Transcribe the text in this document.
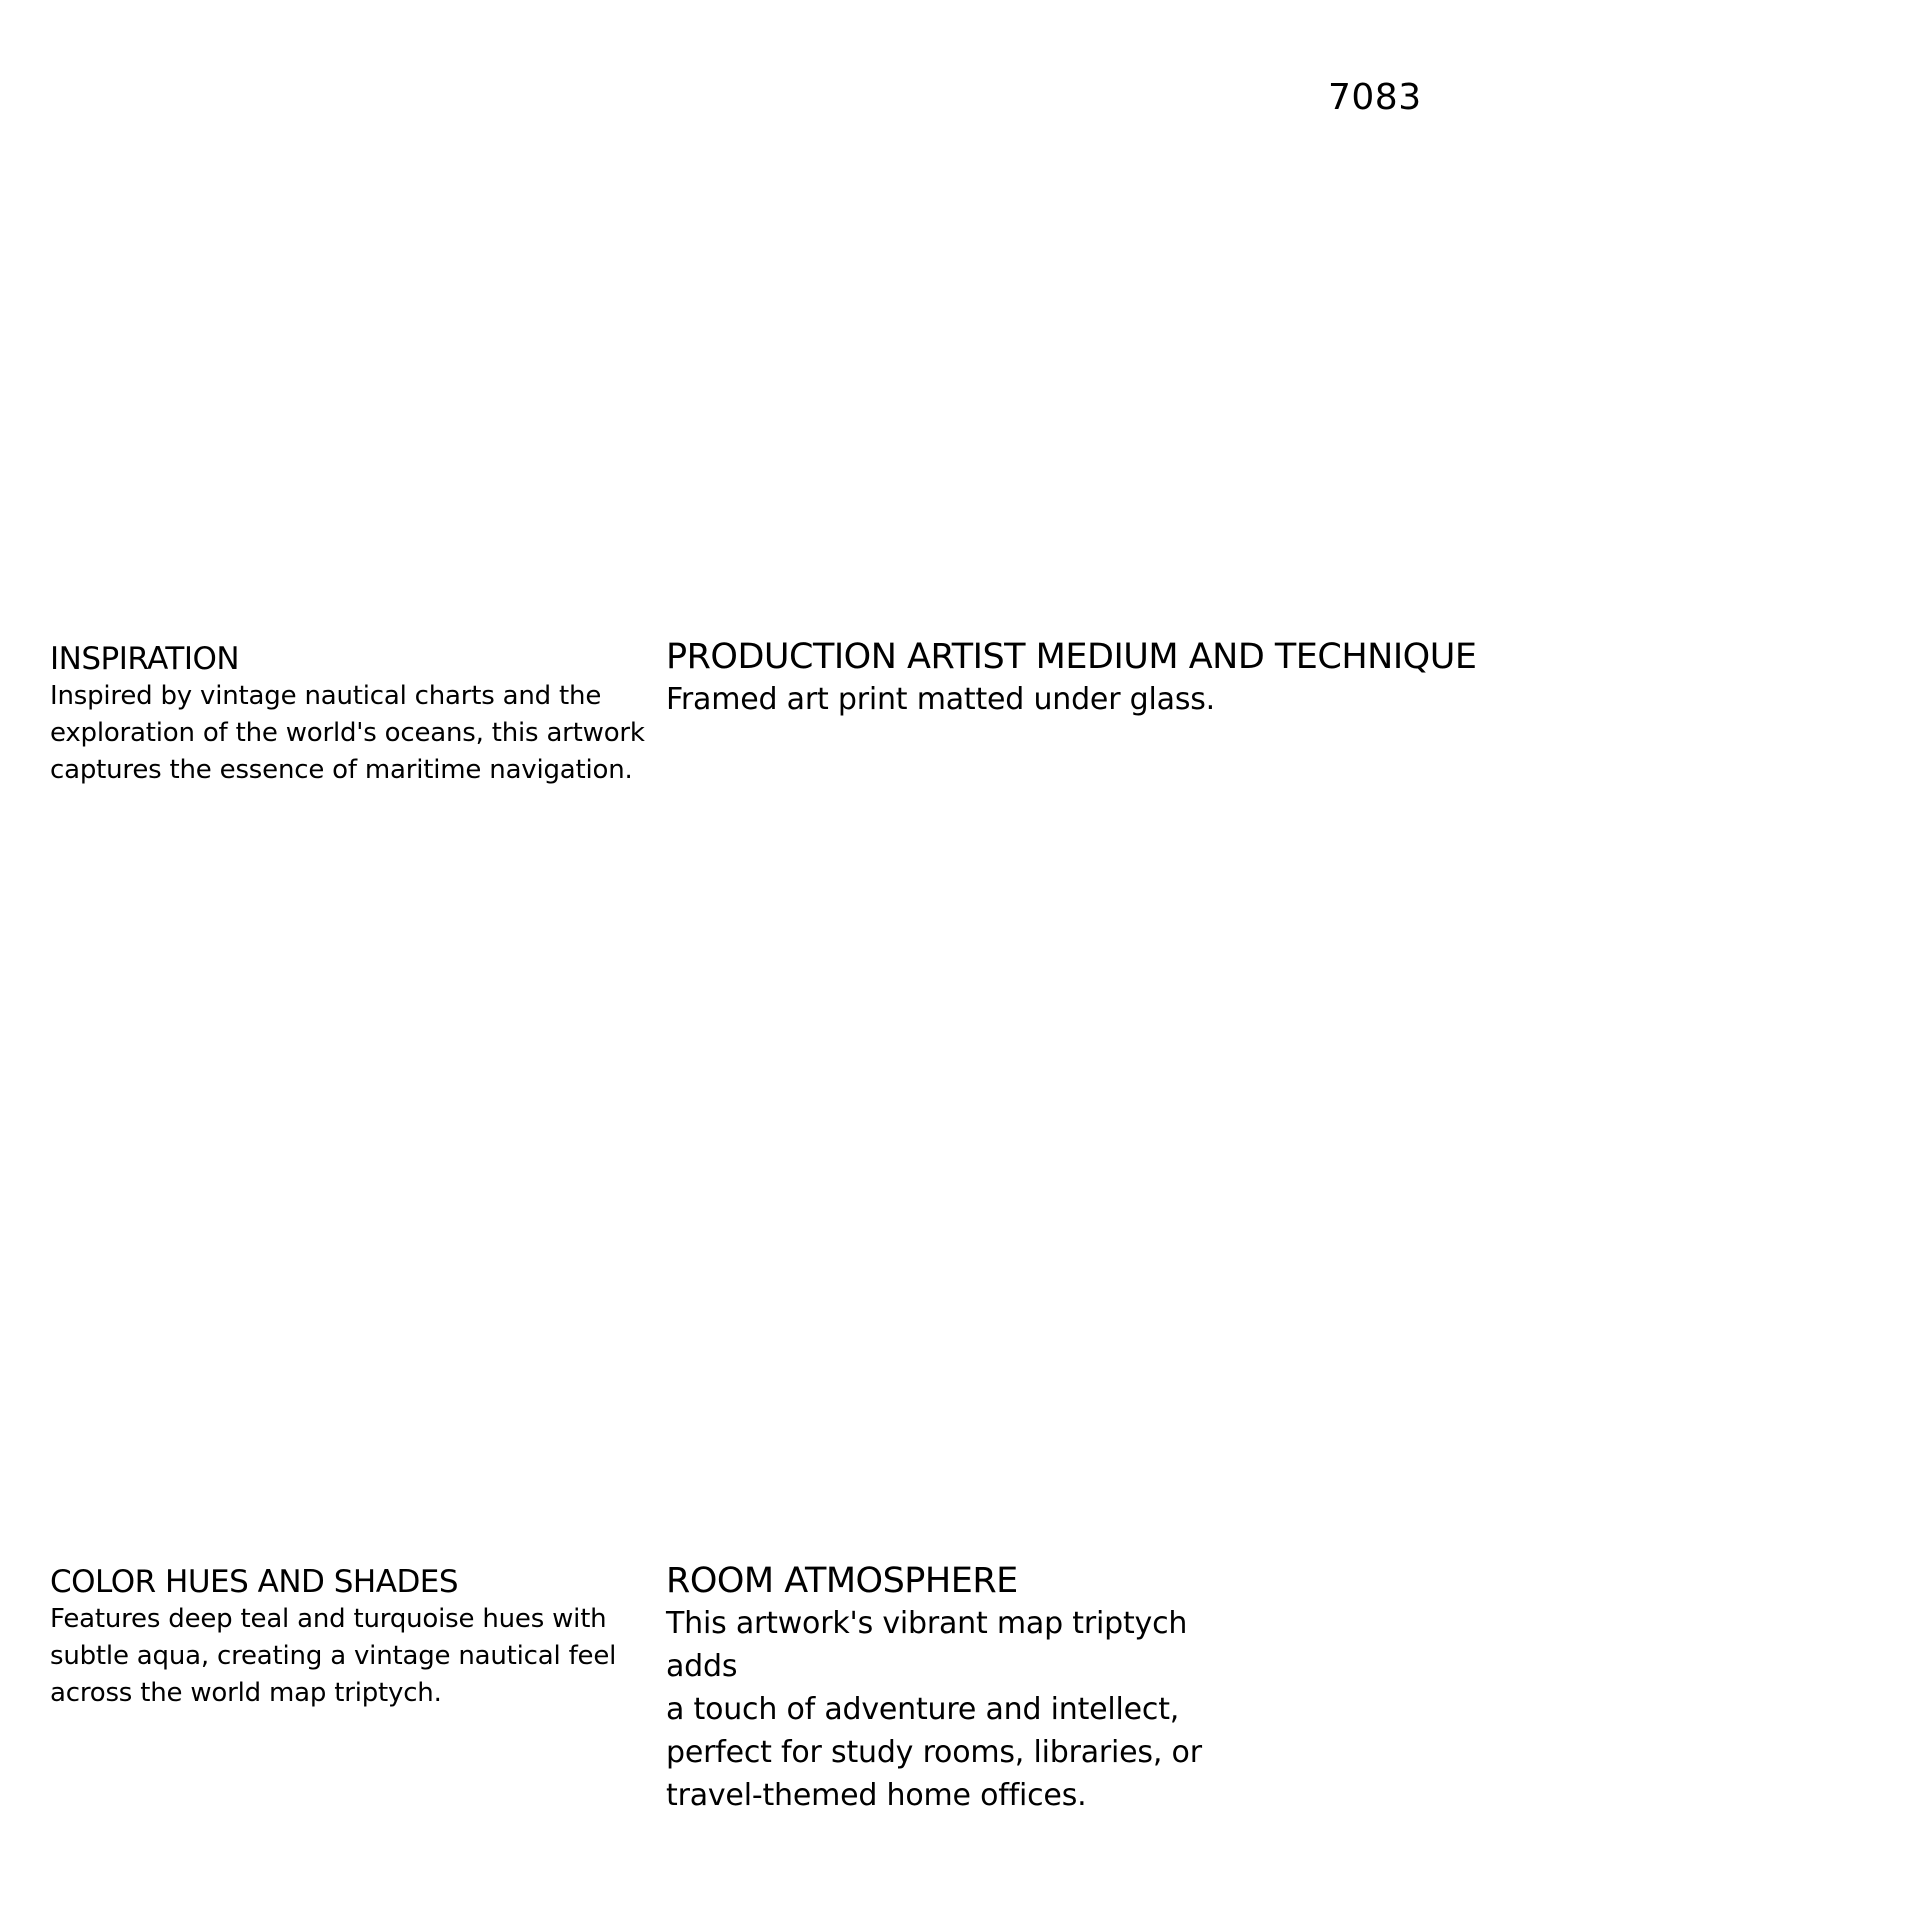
7083
INSPIRATION
Inspired by vintage nautical charts and the
exploration of the world's oceans, this artwork
captures the essence of maritime navigation.
PRODUCTION ARTIST MEDIUM AND TECHNIQUE
Framed art print matted under glass.
COLOR HUES AND SHADES
Features deep teal and turquoise hues with
subtle aqua, creating a vintage nautical feel
across the world map triptych.
ROOM ATMOSPHERE
This artwork's vibrant map triptych adds
a touch of adventure and intellect,
perfect for study rooms, libraries, or
travel-themed home offices.
